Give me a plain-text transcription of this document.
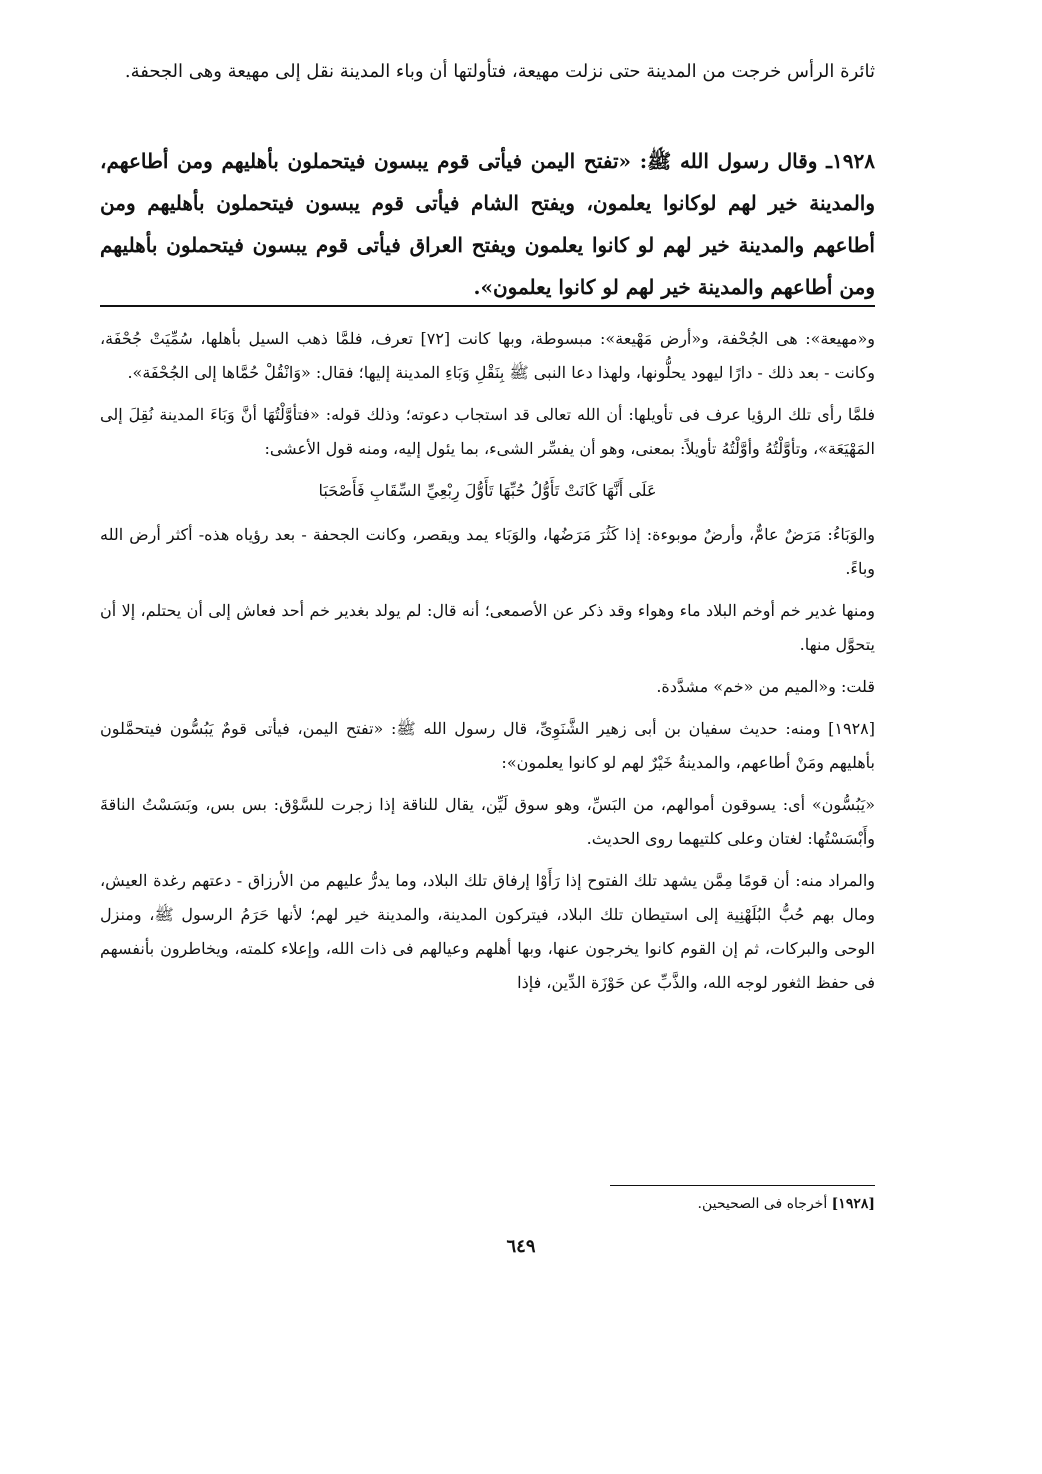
ثائرة الرأس خرجت من المدينة حتى نزلت مهيعة، فتأولتها أن وباء المدينة نقل إلى مهيعة وهى الجحفة.

١٩٢٨ـ وقال رسول الله ﷺ: «تفتح اليمن فيأتى قوم يبسون فيتحملون بأهليهم ومن أطاعهم، والمدينة خير لهم لوكانوا يعلمون، ويفتح الشام فيأتى قوم يبسون فيتحملون بأهليهم ومن أطاعهم والمدينة خير لهم لو كانوا يعلمون ويفتح العراق فيأتى قوم يبسون فيتحملون بأهليهم ومن أطاعهم والمدينة خير لهم لو كانوا يعلمون».

و«مهيعة»: هى الجُحْفة، و«أرض مَهْيعة»: مبسوطة، وبها كانت [٧٢] تعرف، فلمَّا ذهب السيل بأهلها، سُمِّيَتْ جُحْفَة، وكانت - بعد ذلك - دارًا ليهود يحلُّونها، ولهذا دعا النبى ﷺ بِنَقْلِ وَبَاءِ المدينة إليها؛ فقال: «وَانْقُلْ حُمَّاها إلى الجُحْفَة».

فلمَّا رأى تلك الرؤيا عرف فى تأويلها: أن الله تعالى قد استجاب دعوته؛ وذلك قوله: «فتأوَّلْتُهَا أنَّ وَبَاءَ المدينة نُقِلَ إلى المَهْيَعَة»، وتأوَّلْتُهُ وأوَّلْتُهُ تأويلاً: بمعنى، وهو أن يفسِّر الشىء، بما يئول إليه، ومنه قول الأعشى:

عَلَى أَنَّهَا كَانَتْ تَأَوُّلُ حُبِّهَا تَأَوُّلَ رِبْعِيِّ السِّقَابِ فَأَصْحَبَا

والوَبَاءُ: مَرَضٌ عامٌّ، وأرضٌ موبوءة: إذا كَثُرَ مَرَضُها، والوَبَاء يمد ويقصر، وكانت الجحفة - بعد رؤياه هذه- أكثر أرض الله وباءً.

ومنها غدير خم أوخم البلاد ماء وهواء وقد ذكر عن الأصمعى؛ أنه قال: لم يولد بغدير خم أحد فعاش إلى أن يحتلم، إلا أن يتحوَّل منها.

قلت: و«الميم من «خم» مشدَّدة.

[١٩٢٨] ومنه: حديث سفيان بن أبى زهير الشَّنَوِىِّ، قال رسول الله ﷺ: «تفتح اليمن، فيأتى قومٌ يَبُسُّون فيتحمَّلون بأهليهم ومَنْ أطاعهم، والمدينةُ خَيْرٌ لهم لو كانوا يعلمون»:

«يَبُسُّون» أى: يسوقون أموالهم، من البَسِّ، وهو سوق لَيِّن، يقال للناقة إذا زجرت للسَّوْق: بس بس، وبَسَسْتُ الناقةَ وأَبْسَسْتُها: لغتان وعلى كلتيهما روى الحديث.

والمراد منه: أن قومًا مِمَّن يشهد تلك الفتوح إذا رَأَوْا إرفاق تلك البلاد، وما يدرُّ عليهم من الأرزاق - دعتهم رغدة العيش، ومال بهم حُبُّ البُلَهْنِية إلى استيطان تلك البلاد، فيتركون المدينة، والمدينة خير لهم؛ لأنها حَرَمُ الرسول ﷺ، ومنزل الوحى والبركات، ثم إن القوم كانوا يخرجون عنها، وبها أهلهم وعيالهم فى ذات الله، وإعلاء كلمته، ويخاطرون بأنفسهم فى حفظ الثغور لوجه الله، والذَّبِّ عن حَوْزَة الدِّين، فإذا

[١٩٢٨] أخرجاه فى الصحيحين.

٦٤٩
